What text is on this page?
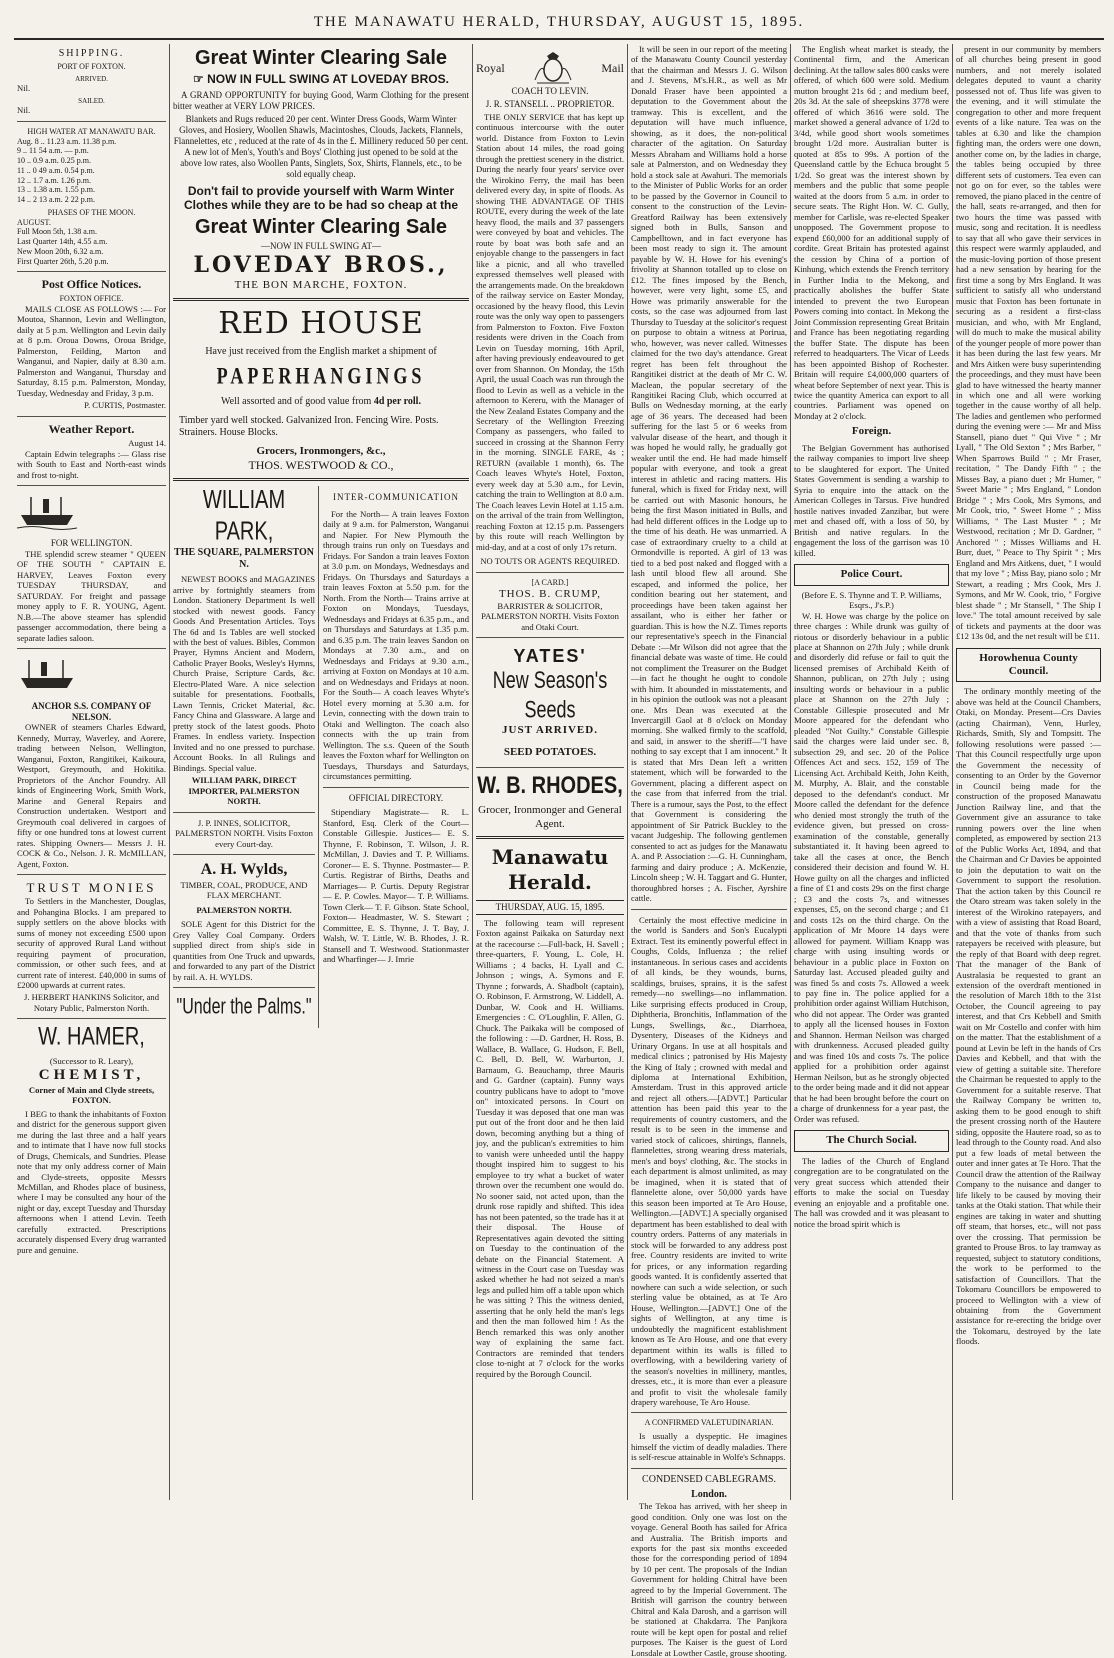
THE MANAWATU HERALD, THURSDAY, AUGUST 15, 1895.
SHIPPING.
PORT OF FOXTON.
ARRIVED.
Nil.
SAILED.
Nil.
HIGH WATER AT MANAWATU BAR.
Aug. 8 .. 11.23 a.m. 11.38 p.m.
9 .. 11 54 a.m. — p.m.
10 .. 0.9 a.m. 0.25 p.m.
11 .. 0 49 a.m. 0.54 p.m.
12 .. 1.7 a.m. 1.26 p.m.
13 .. 1.38 a.m. 1.55 p.m.
14 .. 2 13 a.m. 2 22 p.m.
PHASES OF THE MOON.
AUGUST.
Full Moon 5th, 1.38 a.m.
Last Quarter 14th, 4.55 a.m.
New Moon 20th, 6.32 a.m.
First Quarter 26th, 5.20 p.m.
Post Office Notices.
FOXTON OFFICE.
MAILS CLOSE AS FOLLOWS :— For Moutoa, Shannon, Levin and Wellington, daily at 5 p.m. Wellington and Levin daily at 8 p.m. Oroua Downs, Oroua Bridge, Palmerston, Feilding, Marton and Wanganui, and Napier, daily at 8.30 a.m. Palmerston and Wanganui, Thursday and Saturday, 8.15 p.m. Palmerston, Monday, Tuesday, Wednesday and Friday, 3 p.m.
P. CURTIS, Postmaster.
Weather Report.
August 14.
Captain Edwin telegraphs :— Glass rise with South to East and North-east winds and frost to-night.
FOR WELLINGTON.
THE splendid screw steamer " QUEEN OF THE SOUTH " CAPTAIN E. HARVEY, Leaves Foxton every TUESDAY THURSDAY, and SATURDAY. For freight and passage money apply to F. R. YOUNG, Agent. N.B.—The above steamer has splendid passenger accommodation, there being a separate ladies saloon.
ANCHOR S.S. COMPANY OF NELSON.
OWNER of steamers Charles Edward, Kennedy, Murray, Waverley, and Aorere, trading between Nelson, Wellington, Wanganui, Foxton, Rangitikei, Kaikoura, Westport, Greymouth, and Hokitika. Proprietors of the Anchor Foundry. All kinds of Engineering Work, Smith Work, Marine and General Repairs and Construction undertaken. Westport and Greymouth coal delivered in cargoes of fifty or one hundred tons at lowest current rates. Shipping Owners— Messrs J. H. COCK & Co., Nelson. J. R. McMILLAN, Agent, Foxton.
TRUST MONIES
To Settlers in the Manchester, Douglas, and Pohangina Blocks. I am prepared to supply settlers on the above blocks with sums of money not exceeding £500 upon security of approved Rural Land without requiring payment of procuration, commission, or other such fees, and at current rate of interest. £40,000 in sums of £2000 upwards at current rates.
J. HERBERT HANKINS Solicitor, and Notary Public, Palmerston North.
W. HAMER,
(Successor to R. Leary),
CHEMIST,
Corner of Main and Clyde streets, FOXTON.
I BEG to thank the inhabitants of Foxton and district for the generous support given me during the last three and a half years and to intimate that I have now full stocks of Drugs, Chemicals, and Sundries. Please note that my only address corner of Main and Clyde-streets, opposite Messrs McMillan, and Rhodes place of business, where I may be consulted any hour of the night or day, except Tuesday and Thursday afternoons when I attend Levin. Teeth carefully extracted. Prescriptions accurately dispensed Every drug warranted pure and genuine.
Great Winter Clearing Sale
☞ NOW IN FULL SWING AT LOVEDAY BROS.
A GRAND OPPORTUNITY for buying Good, Warm Clothing for the present bitter weather at VERY LOW PRICES.
Blankets and Rugs reduced 20 per cent. Winter Dress Goods, Warm Winter Gloves, and Hosiery, Woollen Shawls, Macintoshes, Clouds, Jackets, Flannels, Flannelettes, etc , reduced at the rate of 4s in the £. Millinery reduced 50 per cent. A new lot of Men's, Youth's and Boys' Clothing just opened to be sold at the above low rates, also Woollen Pants, Singlets, Sox, Shirts, Flannels, etc., to be sold equally cheap.
Don't fail to provide yourself with Warm Winter Clothes while they are to be had so cheap at the
Great Winter Clearing Sale
—NOW IN FULL SWING AT—
LOVEDAY BROS.,
THE BON MARCHE, FOXTON.
RED HOUSE
Have just received from the English market a shipment of
PAPERHANGINGS
Well assorted and of good value from 4d per roll.
Timber yard well stocked. Galvanized Iron. Fencing Wire. Posts. Strainers. House Blocks.
Grocers, Ironmongers, &c.,
THOS. WESTWOOD & CO.,
WILLIAM PARK,
THE SQUARE, PALMERSTON N.
NEWEST BOOKS and MAGAZINES arrive by fortnightly steamers from London. Stationery Department Is well stocked with newest goods. Fancy Goods And Presentation Articles. Toys The 6d and 1s Tables are well stocked with the best of values. Bibles, Common Prayer, Hymns Ancient and Modern, Catholic Prayer Books, Wesley's Hymns, Church Praise, Scripture Cards, &c. Electro-Plated Ware. A nice selection suitable for presentations. Footballs, Lawn Tennis, Cricket Material, &c. Fancy China and Glassware. A large and pretty stock of the latest goods. Photo Frames. In endless variety. Inspection Invited and no one pressed to purchase. Account Books. In all Rulings and Bindings. Special value.
WILLIAM PARK, DIRECT IMPORTER, PALMERSTON NORTH.
J. P. INNES, SOLICITOR, PALMERSTON NORTH. Visits Foxton every Court-day.
A. H. Wylds,
TIMBER, COAL, PRODUCE, AND FLAX MERCHANT.
PALMERSTON NORTH.
SOLE Agent for this District for the Grey Valley Coal Company. Orders supplied direct from ship's side in quantities from One Truck and upwards, and forwarded to any part of the District by rail. A. H. WYLDS.
"Under the Palms."
INTER-COMMUNICATION
For the North— A train leaves Foxton daily at 9 a.m. for Palmerston, Wanganui and Napier. For New Plymouth the through trains run only on Tuesdays and Fridays. For Sandon a train leaves Foxton at 3.0 p.m. on Mondays, Wednesdays and Fridays. On Thursdays and Saturdays a train leaves Foxton at 5.50 p.m. for the North. From the North— Trains arrive at Foxton on Mondays, Tuesdays, Wednesdays and Fridays at 6.35 p.m., and on Thursdays and Saturdays at 1.35 p.m. and 6.35 p.m. The train leaves Sandon on Mondays at 7.30 a.m., and on Wednesdays and Fridays at 9.30 a.m., arriving at Foxton on Mondays at 10 a.m. and on Wednesdays and Fridays at noon. For the South— A coach leaves Whyte's Hotel every morning at 5.30 a.m. for Levin, connecting with the down train to Otaki and Wellington. The coach also connects with the up train from Wellington. The s.s. Queen of the South leaves the Foxton wharf for Wellington on Tuesdays, Thursdays and Saturdays, circumstances permitting.
OFFICIAL DIRECTORY.
Stipendiary Magistrate— R. L. Stanford, Esq. Clerk of the Court— Constable Gillespie. Justices— E. S. Thynne, F. Robinson, T. Wilson, J. R. McMillan, J. Davies and T. P. Williams. Coroner— E. S. Thynne. Postmaster— P. Curtis. Registrar of Births, Deaths and Marriages— P. Curtis. Deputy Registrar— E. P. Cowles. Mayor— T. P. Williams. Town Clerk— T. F. Gibson. State School, Foxton— Headmaster, W. S. Stewart ; Committee, E. S. Thynne, J. T. Bay, J. Walsh, W. T. Little, W. B. Rhodes, J. R. Stansell and T. Westwood. Stationmaster and Wharfinger— J. Imrie
Royal	Mail
COACH TO LEVIN.
J. R. STANSELL .. PROPRIETOR.
THE ONLY SERVICE that has kept up continuous intercourse with the outer world. Distance from Foxton to Levin Station about 14 miles, the road going through the prettiest scenery in the district. During the nearly four years' service over the Wirokino Ferry, the mail has been delivered every day, in spite of floods. As showing THE ADVANTAGE OF THIS ROUTE, every during the week of the late heavy flood, the mails and 37 passengers were conveyed by boat and vehicles. The route by boat was both safe and an enjoyable change to the passengers in fact like a picnic, and all who travelled expressed themselves well pleased with the arrangements made. On the breakdown of the railway service on Easter Monday, occasioned by the heavy flood, this Levin route was the only way open to passengers from Palmerston to Foxton. Five Foxton residents were driven in the Coach from Levin on Tuesday morning, 16th April, after having previously endeavoured to get over from Shannon. On Monday, the 15th April, the usual Coach was run through the flood to Levin as well as a vehicle in the afternoon to Kereru, with the Manager of the New Zealand Estates Company and the Secretary of the Wellington Freezing Company as passengers, who failed to succeed in crossing at the Shannon Ferry in the morning. SINGLE FARE, 4s ; RETURN (available 1 month), 6s. The Coach leaves Whyte's Hotel, Foxton, every week day at 5.30 a.m., for Levin, catching the train to Wellington at 8.0 a.m. The Coach leaves Levin Hotel at 1.15 a.m. on the arrival of the train from Wellington, reaching Foxton at 12.15 p.m. Passengers by this route will reach Wellington by mid-day, and at a cost of only 17s return.
NO TOUTS OR AGENTS REQUIRED.
[A CARD.]
THOS. B. CRUMP,
BARRISTER & SOLICITOR, PALMERSTON NORTH. Visits Foxton and Otaki Court.
YATES'
New Season's Seeds
JUST ARRIVED.
SEED POTATOES.
W. B. RHODES,
Grocer, Ironmonger and General Agent.
Manawatu Herald.
THURSDAY, AUG. 15, 1895.
The following team will represent Foxton against Paikaka on Saturday next at the racecourse :—Full-back, H. Savell ; three-quarters, F. Young, L. Cole, H. Williams ; 4 backs, H. Lyall and C. Johnson ; wings, A. Symons and F. Thynne ; forwards, A. Shadbolt (captain), O. Robinson, F. Armstrong, W. Liddell, A. Dunbar, W. Cook and H. Williams. Emergencies : C. O'Loughlin, F. Allen, G. Chuck. The Paikaka will be composed of the following : —D. Gardner, H. Ross, B. Wallace, B. Wallace, G. Hudson, F. Bell, C. Bell, D. Bell, W. Warburton, J. Barnaum, G. Beauchamp, three Mauris and G. Gardner (captain). Funny ways country publicans have to adopt to "move on" intoxicated persons. In Court on Tuesday it was deposed that one man was put out of the front door and he then laid down, becoming anything but a thing of joy, and the publican's extremities to him to vanish were unheeded until the happy thought inspired him to suggest to his employee to try what a bucket of water thrown over the recumbent one would do. No sooner said, not acted upon, than the drunk rose rapidly and shifted. This idea has not been patented, so the trade has it at their disposal. The House of Representatives again devoted the sitting on Tuesday to the continuation of the debate on the Financial Statement. A witness in the Court case on Tuesday was asked whether he had not seized a man's legs and pulled him off a table upon which he was sitting ? This the witness denied, asserting that he only held the man's legs and then the man followed him ! As the Bench remarked this was only another way of explaining the same fact. Contractors are reminded that tenders close to-night at 7 o'clock for the works required by the Borough Council.
It will be seen in our report of the meeting of the Manawatu County Council yesterday that the chairman and Messrs J. G. Wilson and J. Stevens, M's.H.R., as well as Mr Donald Fraser have been appointed a deputation to the Government about the tramway. This is excellent, and the deputation will have much influence, showing, as it does, the non-political character of the agitation. On Saturday Messrs Abraham and Williams hold a horse sale at Palmerston, and on Wednesday they hold a stock sale at Awahuri. The memorials to the Minister of Public Works for an order to be passed by the Governor in Council to consent to the construction of the Levin-Greatford Railway has been extensively signed both in Bulls, Sanson and Campbelltown, and in fact everyone has been most ready to sign it. The amount payable by W. H. Howe for his evening's frivolity at Shannon totalled up to close on £12. The fines imposed by the Bench, however, were very light, some £5, and Howe was primarily answerable for the costs, so the case was adjourned from last Thursday to Tuesday at the solicitor's request on purpose to obtain a witness at Porirua, who, however, was never called. Witnesses claimed for the two day's attendance. Great regret has been felt throughout the Rangitikei district at the death of Mr C. W. Maclean, the popular secretary of the Rangitikei Racing Club, which occurred at Bulls on Wednesday morning, at the early age of 36 years. The deceased had been suffering for the last 5 or 6 weeks from valvular disease of the heart, and though it was hoped he would rally, he gradually got weaker until the end. He had made himself popular with everyone, and took a great interest in athletic and racing matters. His funeral, which is fixed for Friday next, will be carried out with Masonic honours, he being the first Mason initiated in Bulls, and had held different offices in the Lodge up to the time of his death. He was unmarried. A case of extraordinary cruelty to a child at Ormondville is reported. A girl of 13 was tied to a bed post naked and flogged with a lash until blood flew all around. She escaped, and informed the police, her condition bearing out her statement, and proceedings have been taken against her assailant, who is either her father or guardian. This is how the N.Z. Times reports our representative's speech in the Financial Debate :—Mr Wilson did not agree that the financial debate was waste of time. He could not compliment the Treasurer on the Budget—in fact he thought he ought to condole with him. It abounded in misstatements, and in his opinion the outlook was not a pleasant one. Mrs Dean was executed at the Invercargill Gaol at 8 o'clock on Monday morning. She walked firmly to the scaffold, and said, in answer to the sheriff—"I have nothing to say except that I am innocent." It is stated that Mrs Dean left a written statement, which will be forwarded to the Government, placing a different aspect on the case from that inferred from the trial. There is a rumour, says the Post, to the effect that Government is considering the appointment of Sir Patrick Buckley to the vacant Judgeship. The following gentlemen consented to act as judges for the Manawatu A. and P. Association :—G. H. Cunningham, farming and dairy produce ; A. McKenzie, Lincoln sheep ; W. H. Taggart and G. Hunter, thoroughbred horses ; A. Fischer, Ayrshire cattle.
Certainly the most effective medicine in the world is Sanders and Son's Eucalypti Extract. Test its eminently powerful effect in Coughs, Colds, Influenza ; the relief instantaneous. In serious cases and accidents of all kinds, be they wounds, burns, scaldings, bruises, sprains, it is the safest remedy—no swellings—no inflammation. Like surprising effects produced in Croup, Diphtheria, Bronchitis, Inflammation of the Lungs, Swellings, &c., Diarrhoea, Dysentery, Diseases of the Kidneys and Urinary Organs. In use at all hospitals and medical clinics ; patronised by His Majesty the King of Italy ; crowned with medal and diploma at International Exhibition, Amsterdam. Trust in this approved article and reject all others.—[ADVT.] Particular attention has been paid this year to the requirements of country customers, and the result is to be seen in the immense and varied stock of calicoes, shirtings, flannels, flannelettes, strong wearing dress materials, men's and boys' clothing, &c. The stocks in each department is almost unlimited, as may be imagined, when it is stated that of flannelette alone, over 50,000 yards have this season been imported at Te Aro House, Wellington.—[ADVT.] A specially organised department has been established to deal with country orders. Patterns of any materials in stock will be forwarded to any address post free. Country residents are invited to write for prices, or any information regarding goods wanted. It is confidently asserted that nowhere can such a wide selection, or such sterling value be obtained, as at Te Aro House, Wellington.—[ADVT.] One of the sights of Wellington, at any time is undoubtedly the magnificent establishment known as Te Aro House, and one that every department within its walls is filled to overflowing, with a bewildering variety of the season's novelties in millinery, mantles, dresses, etc., it is more than ever a pleasure and profit to visit the wholesale family drapery warehouse, Te Aro House.
A CONFIRMED VALETUDINARIAN.
Is usually a dyspeptic. He imagines himself the victim of deadly maladies. There is self-rescue attainable in Wolfe's Schnapps.
CONDENSED CABLEGRAMS.
London.
The Tekoa has arrived, with her sheep in good condition. Only one was lost on the voyage. General Booth has sailed for Africa and Australia. The British imports and exports for the past six months exceeded those for the corresponding period of 1894 by 10 per cent. The proposals of the Indian Government for holding Chitral have been agreed to by the Imperial Government. The British will garrison the country between Chitral and Kala Darosh, and a garrison will be stationed at Chakdarra. The Panjkora route will be kept open for postal and relief purposes. The Kaiser is the guest of Lord Lonsdale at Lowther Castle, grouse shooting.
The English wheat market is steady, the Continental firm, and the American declining. At the tallow sales 800 casks were offered, of which 600 were sold. Medium mutton brought 21s 6d ; and medium beef, 20s 3d. At the sale of sheepskins 3778 were offered of which 3616 were sold. The market showed a general advance of 1/2d to 3/4d, while good short wools sometimes brought 1/2d more. Australian butter is quoted at 85s to 99s. A portion of the Queensland cattle by the Echuca brought 5 1/2d. So great was the interest shown by members and the public that some people waited at the doors from 5 a.m. in order to secure seats. The Right Hon. W. C. Gully, member for Carlisle, was re-elected Speaker unopposed. The Government propose to expend £60,000 for an additional supply of cordite. Great Britain has protested against the cession by China of a portion of Kinhung, which extends the French territory in Further India to the Mekong, and practically abolishes the buffer State intended to prevent the two European Powers coming into contact. In Mekong the Joint Commission representing Great Britain and France has been negotiating regarding the buffer State. The dispute has been referred to headquarters. The Vicar of Leeds has been appointed Bishop of Rochester. Britain will require £4,000,000 quarters of wheat before September of next year. This is twice the quantity America can export to all countries. Parliament was opened on Monday at 2 o'clock.
Foreign.
The Belgian Government has authorised the railway companies to import live sheep to be slaughtered for export. The United States Government is sending a warship to Syria to enquire into the attack on the American Colleges in Tarsus. Five hundred hostile natives invaded Zanzibar, but were met and chased off, with a loss of 50, by British and native regulars. In the engagement the loss of the garrison was 10 killed.
Police Court.
(Before E. S. Thynne and T. P. Williams, Esqrs., J's.P.)
W. H. Howe was charge by the police on three charges : While drunk was guilty of riotous or disorderly behaviour in a public place at Shannon on 27th July ; while drunk and disorderly did refuse or fail to quit the licensed premises of Archibald Keith of Shannon, publican, on 27th July ; using insulting words or behaviour in a public place at Shannon on the 27th July ; Constable Gillespie prosecuted and Mr Moore appeared for the defendant who pleaded "Not Guilty." Constable Gillespie said the charges were laid under sec. 8, subsection 29, and sec. 20 of the Police Offences Act and secs. 152, 159 of The Licensing Act. Archibald Keith, John Keith, M. Murphy, A. Blair, and the constable deposed to the defendant's conduct. Mr Moore called the defendant for the defence who denied most strongly the truth of the evidence given, but pressed on cross-examination of the constable, generally substantiated it. It having been agreed to take all the cases at once, the Bench considered their decision and found W. H. Howe guilty on all the charges and inflicted a fine of £1 and costs 29s on the first charge ; £3 and the costs 7s, and witnesses expenses, £5, on the second charge ; and £1 and costs 12s on the third charge. On the application of Mr Moore 14 days were allowed for payment. William Knapp was charge with using insulting words or behaviour in a public place in Foxton on Saturday last. Accused pleaded guilty and was fined 5s and costs 7s. Allowed a week to pay fine in. The police applied for a prohibition order against William Hutchison, who did not appear. The Order was granted to apply all the licensed houses in Foxton and Shannon. Herman Neilson was charged with drunkenness. Accused pleaded guilty and was fined 10s and costs 7s. The police applied for a prohibition order against Herman Neilson, but as he strongly objected to the order being made and it did not appear that he had been brought before the court on a charge of drunkenness for a year past, the Order was refused.
The Church Social.
The ladies of the Church of England congregation are to be congratulated on the very great success which attended their efforts to make the social on Tuesday evening an enjoyable and a profitable one. The hall was crowded and it was pleasant to notice the broad spirit which is
present in our community by members of all churches being present in good numbers, and not merely isolated delegates deputed to vaunt a charity possessed not of. Thus life was given to the evening, and it will stimulate the congregation to other and more frequent events of a like nature. Tea was on the tables at 6.30 and like the champion fighting man, the orders were one down, another come on, by the ladies in charge, the tables being occupied by three different sets of customers. Tea even can not go on for ever, so the tables were removed, the piano placed in the centre of the hall, seats re-arranged, and then for two hours the time was passed with music, song and recitation. It is needless to say that all who gave their services in this respect were warmly applauded, and the music-loving portion of those present had a new sensation by hearing for the first time a song by Mrs England. It was sufficient to satisfy all who understand music that Foxton has been fortunate in securing as a resident a first-class musician, and who, with Mr England, will do much to make the musical ability of the younger people of more power than it has been during the last few years. Mr and Mrs Aitken were busy superintending the proceedings, and they must have been glad to have witnessed the hearty manner in which one and all were working together in the cause worthy of all help. The ladies and gentlemen who performed during the evening were :— Mr and Miss Stansell, piano duet " Qui Vive " ; Mr Lyall, " The Old Sexton " ; Mrs Barber, " When Sparrows Build " ; Mr Fraser, recitation, " The Dandy Fifth " ; the Misses Bay, a piano duet ; Mr Humer, " Sweet Marie " ; Mrs England, " London Bridge " ; Mrs Cook, Mrs Symons, and Mr Cook, trio, " Sweet Home " ; Miss Williams, " The Last Muster " ; Mr Westwood, recitation ; Mr D. Gardner, " Anchored " ; Misses Williams and H. Burr, duet, " Peace to Thy Spirit " ; Mrs England and Mrs Aitkens, duet, " I would that my love " ; Miss Bay, piano solo ; Mr Stewart, a reading ; Mrs Cook, Mrs J. Symons, and Mr W. Cook, trio, " Forgive blest shade " ; Mr Stansell, " The Ship I love." The total amount received by sale of tickets and payments at the door was £12 13s 0d, and the net result will be £11.
Horowhenua County Council.
The ordinary monthly meeting of the above was held at the Council Chambers, Otaki, on Monday. Present—Crs Davies (acting Chairman), Venn, Hurley, Richards, Smith, Sly and Tompsitt. The following resolutions were passed :— That this Council respectfully urge upon the Government the necessity of consenting to an Order by the Governor in Council being made for the construction of the proposed Manawatu Junction Railway line, and that the Government give an assurance to take running powers over the line when completed, as empowered by section 213 of the Public Works Act, 1894, and that the Chairman and Cr Davies be appointed to join the deputation to wait on the Government to support the resolution. That the action taken by this Council re the Otaro stream was taken solely in the interest of the Wirokino ratepayers, and with a view of assisting that Road Board, and that the vote of thanks from such ratepayers be received with pleasure, but the reply of that Board with deep regret. That the manager of the Bank of Australasia be requested to grant an extension of the overdraft mentioned in the resolution of March 18th to the 31st October, the Council agreeing to pay interest, and that Crs Kebbell and Smith wait on Mr Costello and confer with him on the matter. That the establishment of a pound at Levin be left in the hands of Crs Davies and Kebbell, and that with the view of getting a suitable site. Therefore the Chairman be requested to apply to the Government for a suitable reserve. That the Railway Company be written to, asking them to be good enough to shift the present crossing north of the Hautere siding, opposite the Hautere road, so as to lead through to the County road. And also put a few loads of metal between the outer and inner gates at Te Horo. That the Council draw the attention of the Railway Company to the nuisance and danger to life likely to be caused by moving their tanks at the Otaki station. That while their engines are taking in water and shutting off steam, that horses, etc., will not pass over the crossing. That permission be granted to Prouse Bros. to lay tramway as requested, subject to statutory conditions, the work to be performed to the satisfaction of Councillors. That the Tokomaru Councillors be empowered to proceed to Wellington with a view of obtaining from the Government assistance for re-erecting the bridge over the Tokomaru, destroyed by the late floods.
